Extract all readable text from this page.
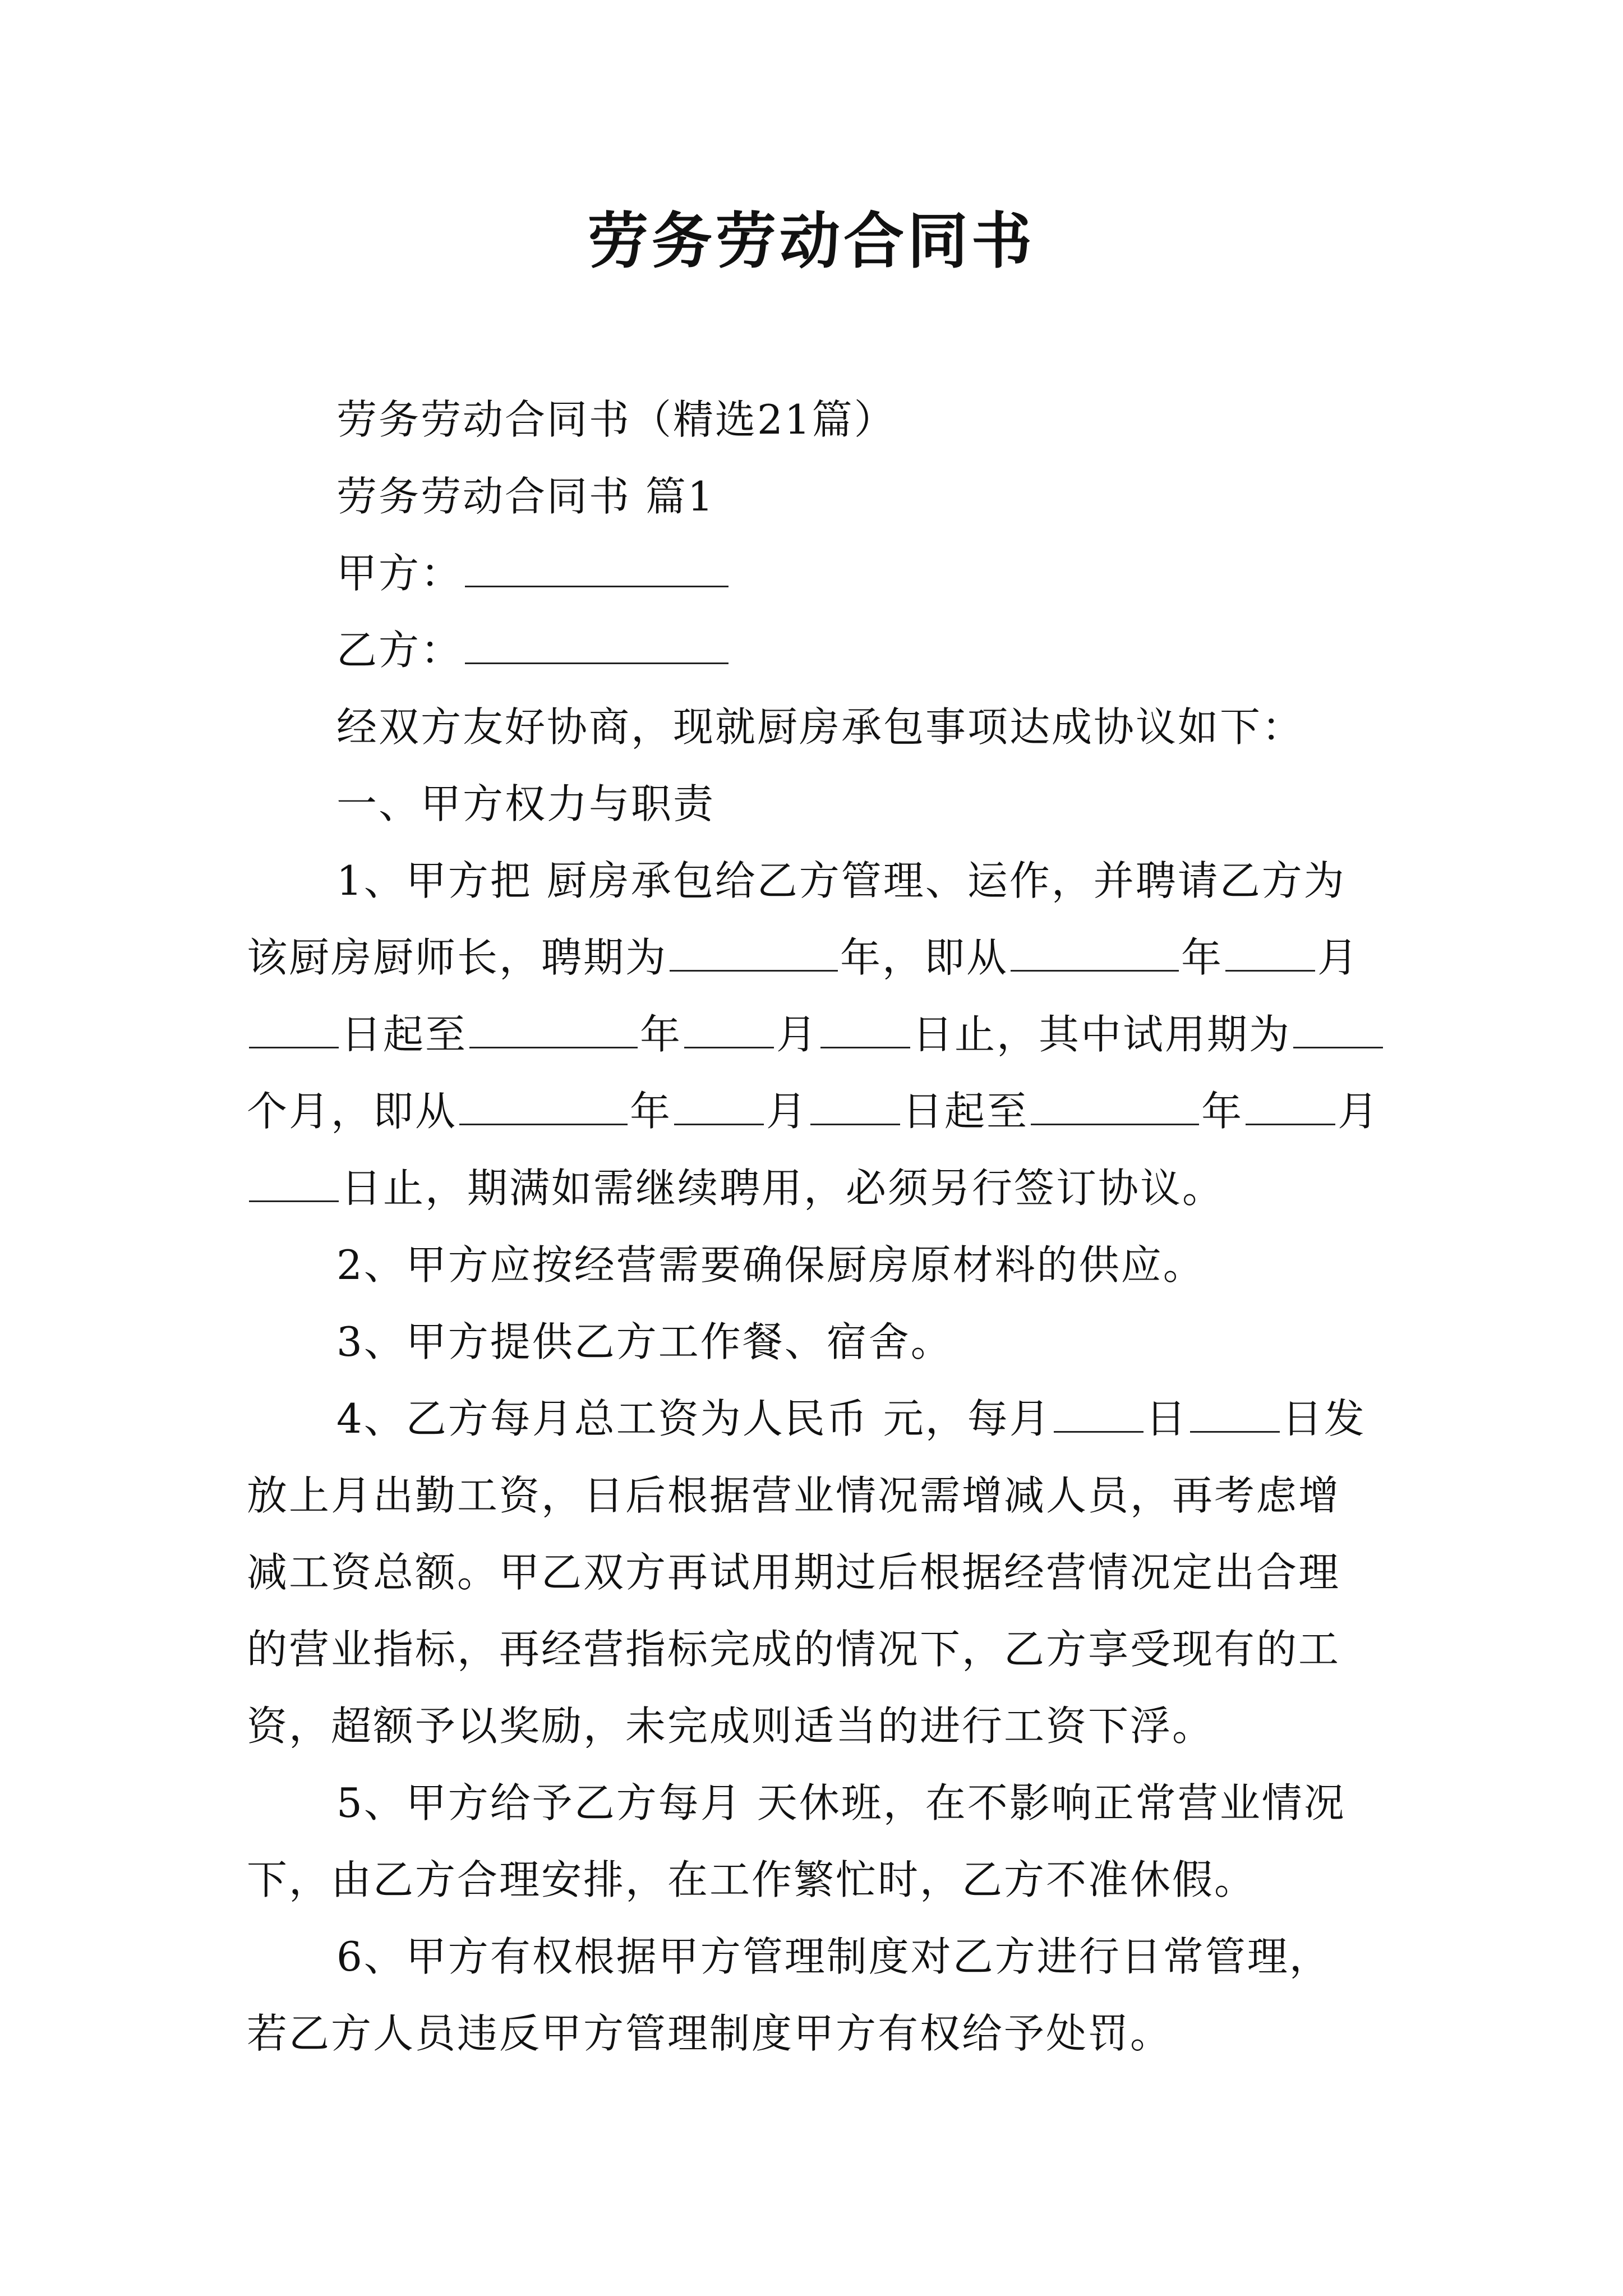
劳务劳动合同书
劳务劳动合同书（精选21篇）
劳务劳动合同书 篇1
甲方：
乙方：
经双方友好协商，现就厨房承包事项达成协议如下：
一、甲方权力与职责
1、甲方把 厨房承包给乙方管理、运作，并聘请乙方为
该厨房厨师长，聘期为	年，即从	年 月
日起至	年 月 日止，其中试用期为
个月，即从	年 月 日起至	年 月
日止，期满如需继续聘用，必须另行签订协议。
2、甲方应按经营需要确保厨房原材料的供应。
3、甲方提供乙方工作餐、宿舍。
4、乙方每月总工资为人民币 元，每月 日 日发
放上月出勤工资，日后根据营业情况需增减人员，再考虑增
减工资总额。甲乙双方再试用期过后根据经营情况定出合理
的营业指标，再经营指标完成的情况下，乙方享受现有的工
资，超额予以奖励，未完成则适当的进行工资下浮。
5、甲方给予乙方每月 天休班，在不影响正常营业情况
下，由乙方合理安排，在工作繁忙时，乙方不准休假。
6、甲方有权根据甲方管理制度对乙方进行日常管理，
若乙方人员违反甲方管理制度甲方有权给予处罚。
